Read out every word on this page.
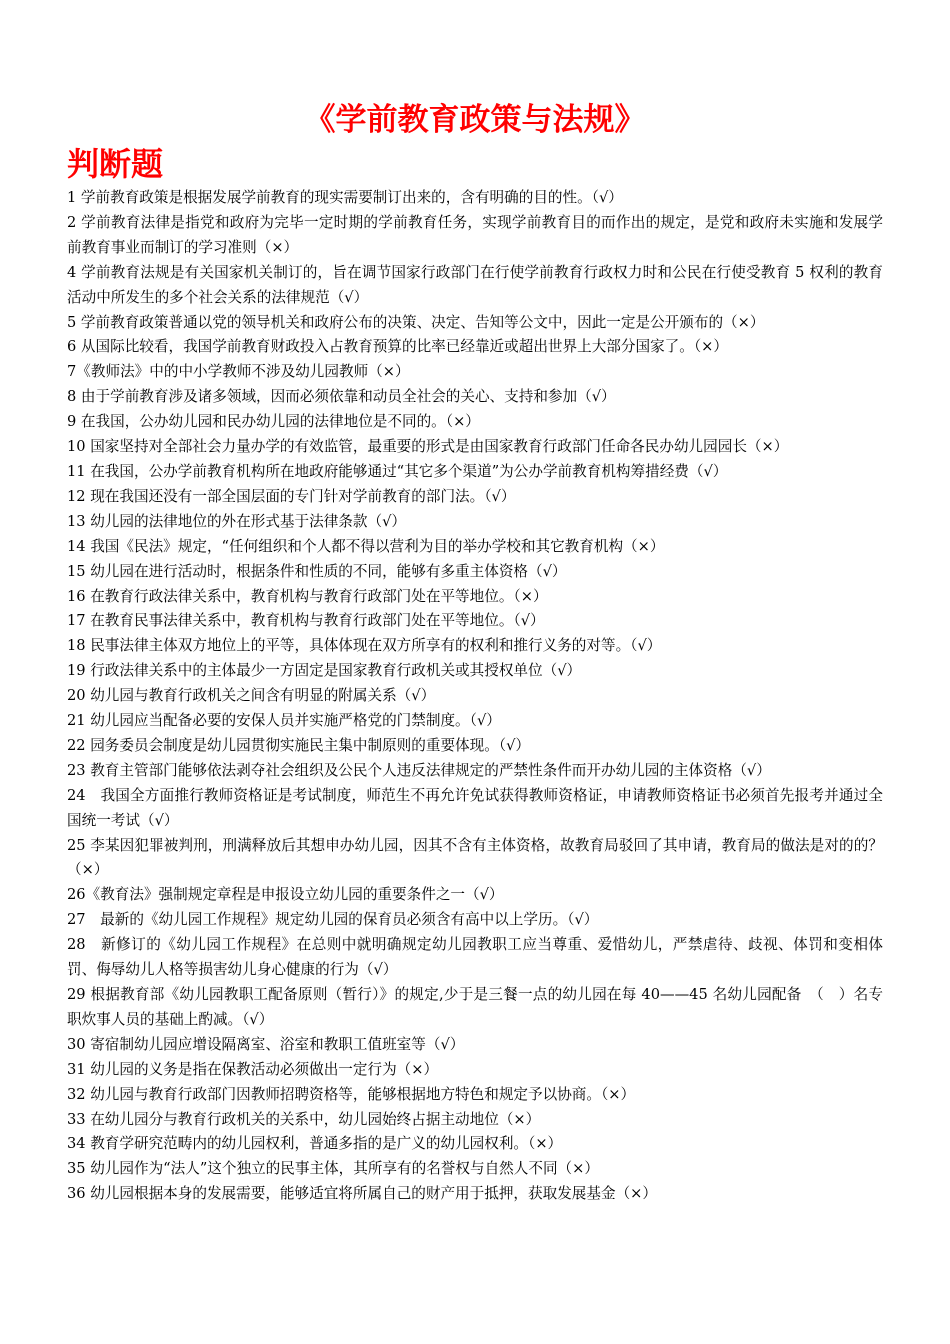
《学前教育政策与法规》
判断题

1 学前教育政策是根据发展学前教育的现实需要制订出来的，含有明确的目的性。（√）

2 学前教育法律是指党和政府为完毕一定时期的学前教育任务，实现学前教育目的而作出的规定，是党和政府未实施和发展学前教育事业而制订的学习准则（×）

4 学前教育法规是有关国家机关制订的，旨在调节国家行政部门在行使学前教育行政权力时和公民在行使受教育 5 权利的教育活动中所发生的多个社会关系的法律规范（√）

5 学前教育政策普通以党的领导机关和政府公布的决策、决定、告知等公文中，因此一定是公开颁布的（×）

6 从国际比较看，我国学前教育财政投入占教育预算的比率已经靠近或超出世界上大部分国家了。（×）

7《教师法》中的中小学教师不涉及幼儿园教师（×）

8 由于学前教育涉及诸多领域，因而必须依靠和动员全社会的关心、支持和参加（√）

9 在我国，公办幼儿园和民办幼儿园的法律地位是不同的。（×）

10 国家坚持对全部社会力量办学的有效监管，最重要的形式是由国家教育行政部门任命各民办幼儿园园长（×）

11 在我国，公办学前教育机构所在地政府能够通过“其它多个渠道”为公办学前教育机构筹措经费（√）

12 现在我国还没有一部全国层面的专门针对学前教育的部门法。（√）

13 幼儿园的法律地位的外在形式基于法律条款（√）

14 我国《民法》规定，“任何组织和个人都不得以营利为目的举办学校和其它教育机构（×）

15 幼儿园在进行活动时，根据条件和性质的不同，能够有多重主体资格（√）

16 在教育行政法律关系中，教育机构与教育行政部门处在平等地位。（×）

17 在教育民事法律关系中，教育机构与教育行政部门处在平等地位。（√）

18 民事法律主体双方地位上的平等，具体体现在双方所享有的权利和推行义务的对等。（√）

19 行政法律关系中的主体最少一方固定是国家教育行政机关或其授权单位（√）

20 幼儿园与教育行政机关之间含有明显的附属关系（√）

21 幼儿园应当配备必要的安保人员并实施严格党的门禁制度。（√）

22 园务委员会制度是幼儿园贯彻实施民主集中制原则的重要体现。（√）

23 教育主管部门能够依法剥夺社会组织及公民个人违反法律规定的严禁性条件而开办幼儿园的主体资格（√）

24　我国全方面推行教师资格证是考试制度，师范生不再允许免试获得教师资格证，申请教师资格证书必须首先报考并通过全国统一考试（√）

25 李某因犯罪被判刑，刑满释放后其想申办幼儿园，因其不含有主体资格，故教育局驳回了其申请，教育局的做法是对的的？（×）

26《教育法》强制规定章程是申报设立幼儿园的重要条件之一（√）

27　最新的《幼儿园工作规程》规定幼儿园的保育员必须含有高中以上学历。（√）

28　新修订的《幼儿园工作规程》在总则中就明确规定幼儿园教职工应当尊重、爱惜幼儿，严禁虐待、歧视、体罚和变相体罚、侮辱幼儿人格等损害幼儿身心健康的行为（√）

29 根据教育部《幼儿园教职工配备原则（暂行）》的规定,少于是三餐一点的幼儿园在每 40——45 名幼儿园配备　（　）名专职炊事人员的基础上酌减。（√）

30 寄宿制幼儿园应增设隔离室、浴室和教职工值班室等（√）

31 幼儿园的义务是指在保教活动必须做出一定行为（×）

32 幼儿园与教育行政部门因教师招聘资格等，能够根据地方特色和规定予以协商。（×）

33 在幼儿园分与教育行政机关的关系中，幼儿园始终占据主动地位（×）

34 教育学研究范畴内的幼儿园权利，普通多指的是广义的幼儿园权利。（×）

35 幼儿园作为“法人”这个独立的民事主体，其所享有的名誉权与自然人不同（×）

36 幼儿园根据本身的发展需要，能够适宜将所属自己的财产用于抵押，获取发展基金（×）
